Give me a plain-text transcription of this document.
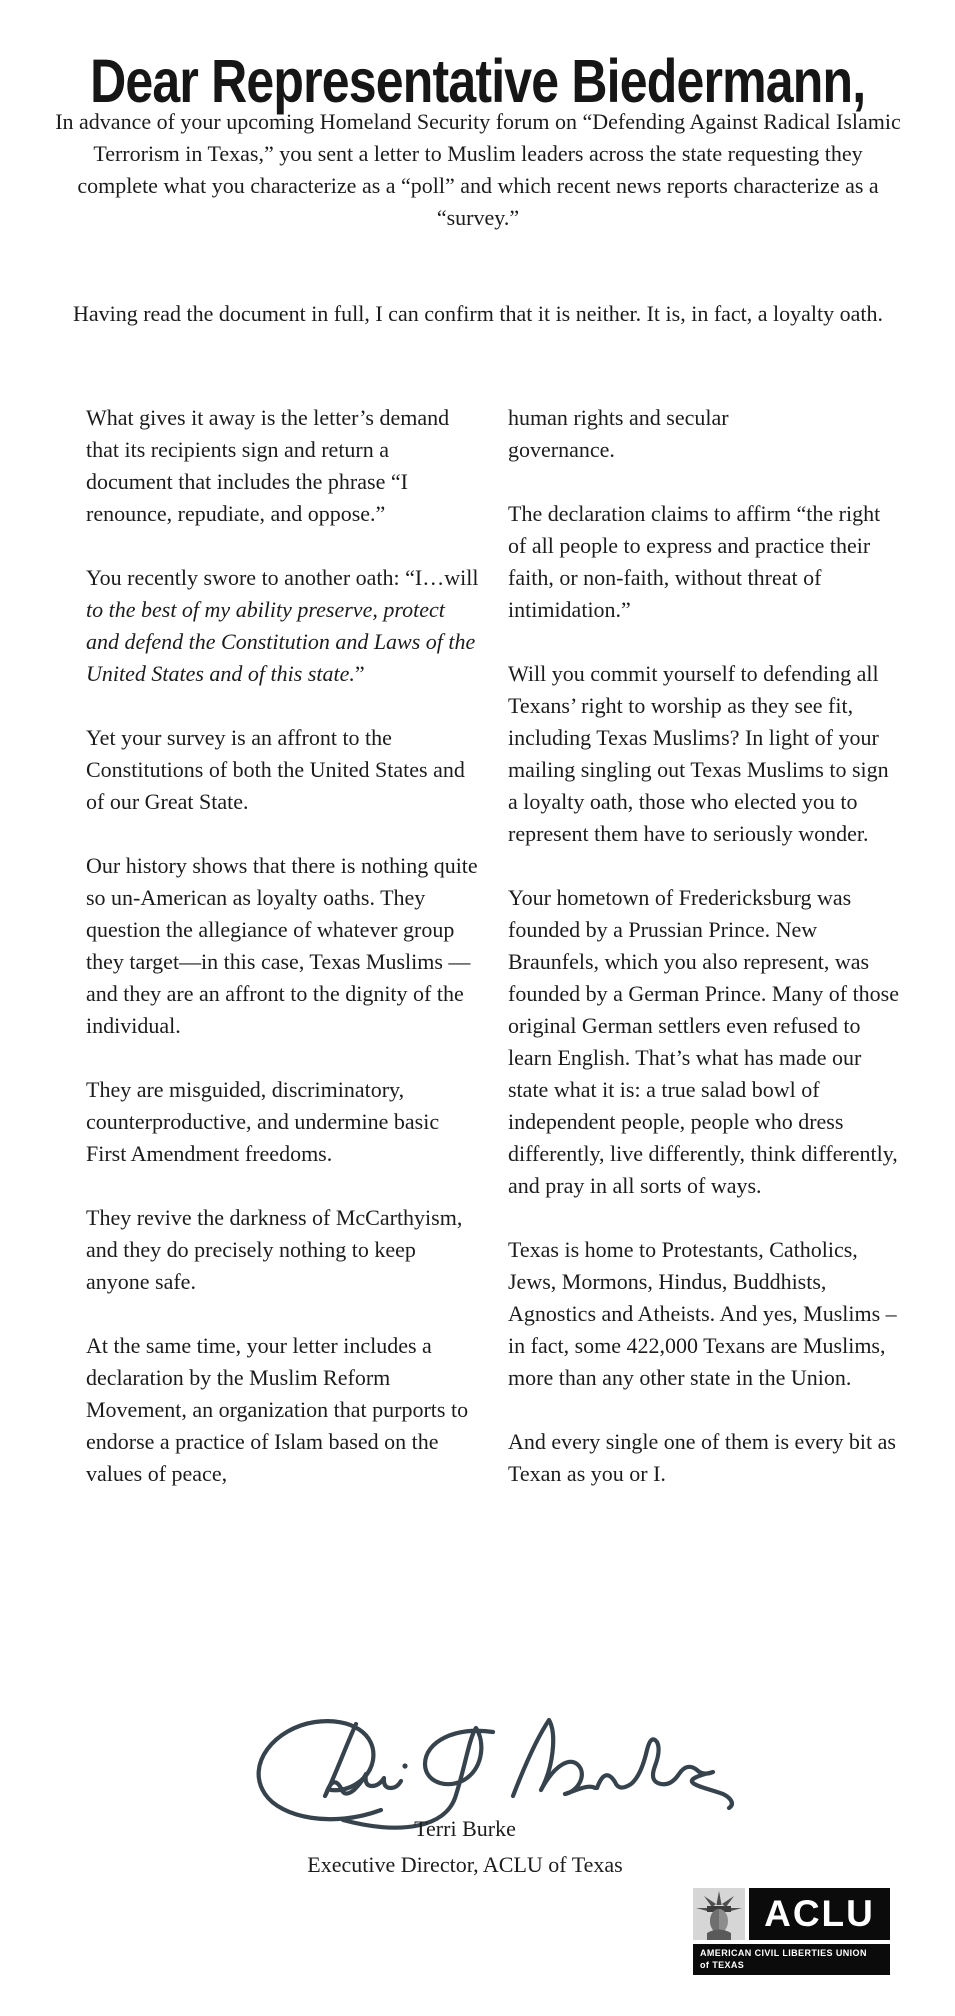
Dear Representative Biedermann,

In advance of your upcoming Homeland Security forum on “Defending Against Radical Islamic Terrorism in Texas,” you sent a letter to Muslim leaders across the state requesting they complete what you characterize as a “poll” and which recent news reports characterize as a “survey.”

Having read the document in full, I can confirm that it is neither. It is, in fact, a loyalty oath.

What gives it away is the letter’s demand that its recipients sign and return a document that includes the phrase “I renounce, repudiate, and oppose.”

You recently swore to another oath: “I…will to the best of my ability preserve, protect and defend the Constitution and Laws of the United States and of this state.”

Yet your survey is an affront to the Constitutions of both the United States and of our Great State.

Our history shows that there is nothing quite so un-American as loyalty oaths. They question the allegiance of whatever group they target—in this case, Texas Muslims —and they are an affront to the dignity of the individual.

They are misguided, discriminatory, counterproductive, and undermine basic First Amendment freedoms.

They revive the darkness of McCarthyism, and they do precisely nothing to keep anyone safe.

At the same time, your letter includes a declaration by the Muslim Reform Movement, an organization that purports to endorse a practice of Islam based on the values of peace,

human rights and secular
governance.

The declaration claims to affirm “the right of all people to express and practice their faith, or non-faith, without threat of intimidation.”

Will you commit yourself to defending all Texans’ right to worship as they see fit, including Texas Muslims? In light of your mailing singling out Texas Muslims to sign a loyalty oath, those who elected you to represent them have to seriously wonder.

Your hometown of Fredericksburg was founded by a Prussian Prince. New Braunfels, which you also represent, was founded by a German Prince. Many of those original German settlers even refused to learn English. That’s what has made our state what it is: a true salad bowl of independent people, people who dress differently, live differently, think differently, and pray in all sorts of ways.

Texas is home to Protestants, Catholics, Jews, Mormons, Hindus, Buddhists, Agnostics and Atheists. And yes, Muslims – in fact, some 422,000 Texans are Muslims, more than any other state in the Union.

And every single one of them is every bit as Texan as you or I.

Terri Burke
Executive Director, ACLU of Texas
ACLU
AMERICAN CIVIL LIBERTIES UNION
of TEXAS
